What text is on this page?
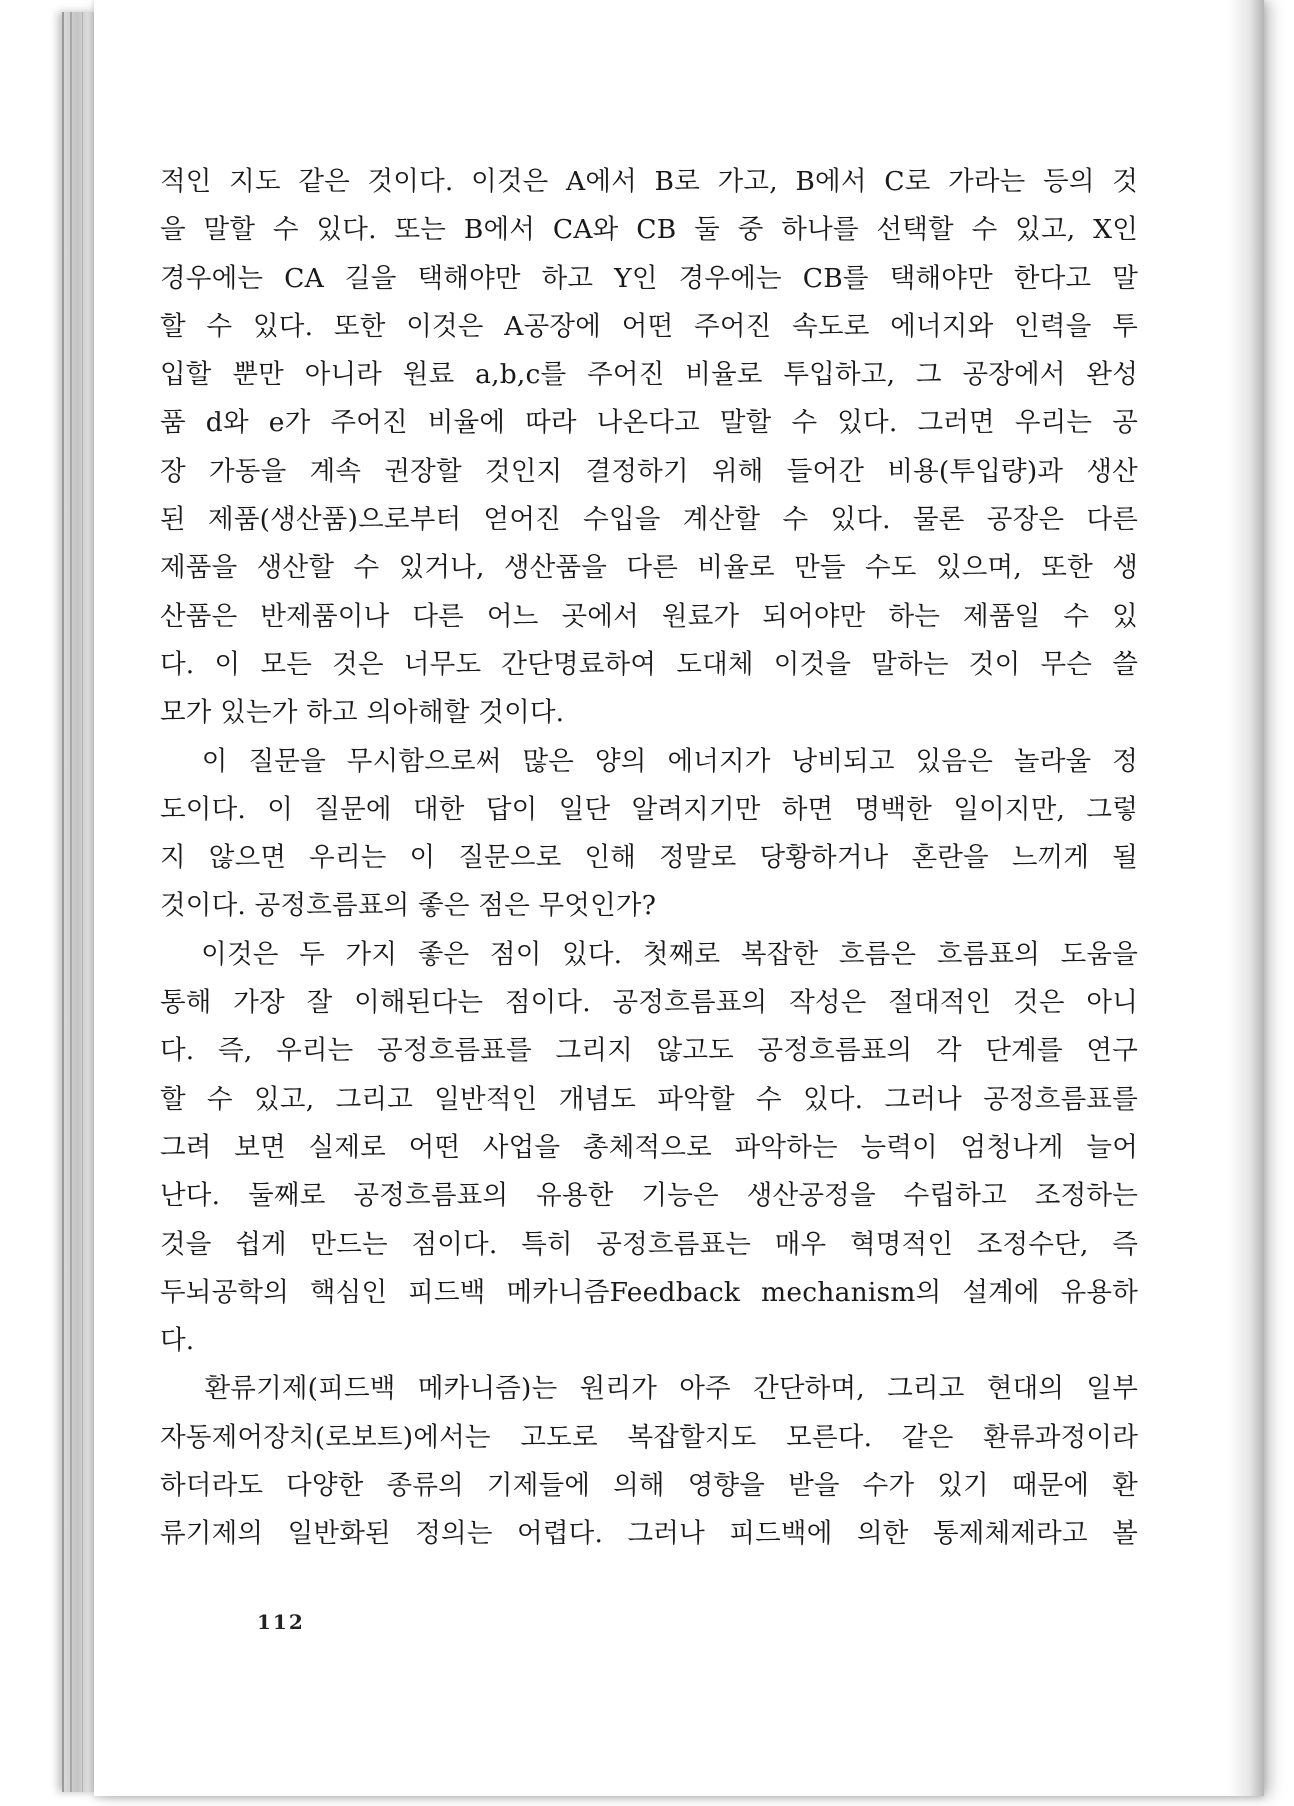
적인 지도 같은 것이다. 이것은 A에서 B로 가고, B에서 C로 가라는 등의 것
을 말할 수 있다. 또는 B에서 CA와 CB 둘 중 하나를 선택할 수 있고, X인
경우에는 CA 길을 택해야만 하고 Y인 경우에는 CB를 택해야만 한다고 말
할 수 있다. 또한 이것은 A공장에 어떤 주어진 속도로 에너지와 인력을 투
입할 뿐만 아니라 원료 a,b,c를 주어진 비율로 투입하고, 그 공장에서 완성
품 d와 e가 주어진 비율에 따라 나온다고 말할 수 있다. 그러면 우리는 공
장 가동을 계속 권장할 것인지 결정하기 위해 들어간 비용(투입량)과 생산
된 제품(생산품)으로부터 얻어진 수입을 계산할 수 있다. 물론 공장은 다른
제품을 생산할 수 있거나, 생산품을 다른 비율로 만들 수도 있으며, 또한 생
산품은 반제품이나 다른 어느 곳에서 원료가 되어야만 하는 제품일 수 있
다. 이 모든 것은 너무도 간단명료하여 도대체 이것을 말하는 것이 무슨 쓸
모가 있는가 하고 의아해할 것이다.
이 질문을 무시함으로써 많은 양의 에너지가 낭비되고 있음은 놀라울 정
도이다. 이 질문에 대한 답이 일단 알려지기만 하면 명백한 일이지만, 그렇
지 않으면 우리는 이 질문으로 인해 정말로 당황하거나 혼란을 느끼게 될
것이다. 공정흐름표의 좋은 점은 무엇인가?
이것은 두 가지 좋은 점이 있다. 첫째로 복잡한 흐름은 흐름표의 도움을
통해 가장 잘 이해된다는 점이다. 공정흐름표의 작성은 절대적인 것은 아니
다. 즉, 우리는 공정흐름표를 그리지 않고도 공정흐름표의 각 단계를 연구
할 수 있고, 그리고 일반적인 개념도 파악할 수 있다. 그러나 공정흐름표를
그려 보면 실제로 어떤 사업을 총체적으로 파악하는 능력이 엄청나게 늘어
난다. 둘째로 공정흐름표의 유용한 기능은 생산공정을 수립하고 조정하는
것을 쉽게 만드는 점이다. 특히 공정흐름표는 매우 혁명적인 조정수단, 즉
두뇌공학의 핵심인 피드백 메카니즘Feedback mechanism의 설계에 유용하
다.
환류기제(피드백 메카니즘)는 원리가 아주 간단하며, 그리고 현대의 일부
자동제어장치(로보트)에서는 고도로 복잡할지도 모른다. 같은 환류과정이라
하더라도 다양한 종류의 기제들에 의해 영향을 받을 수가 있기 때문에 환
류기제의 일반화된 정의는 어렵다. 그러나 피드백에 의한 통제체제라고 볼
112
